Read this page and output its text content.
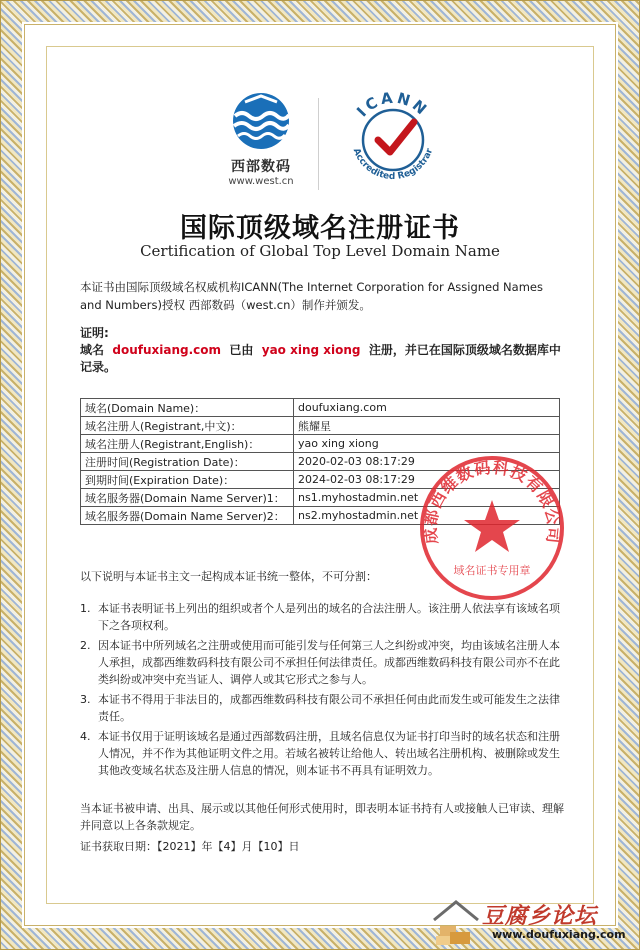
西部数码
www.west.cn
ICANN
Accredited Registrar
国际顶级域名注册证书
Certification of Global Top Level Domain Name
本证书由国际顶级域名权威机构ICANN(The Internet Corporation for Assigned Names and Numbers)授权 西部数码（west.cn）制作并颁发。
证明:
域名 doufuxiang.com 已由 yao xing xiong 注册，并已在国际顶级域名数据库中记录。
域名(Domain Name)：	doufuxiang.com
域名注册人(Registrant,中文)：	熊耀星
域名注册人(Registrant,English)：	yao xing xiong
注册时间(Registration Date)：	2020-02-03 08:17:29
到期时间(Expiration Date)：	2024-02-03 08:17:29
域名服务器(Domain Name Server)1：	ns1.myhostadmin.net
域名服务器(Domain Name Server)2：	ns2.myhostadmin.net
成都西维数码科技有限公司
域名证书专用章
以下说明与本证书主文一起构成本证书统一整体，不可分割：
1. 本证书表明证书上列出的组织或者个人是列出的域名的合法注册人。该注册人依法享有该域名项下之各项权利。
2. 因本证书中所列域名之注册或使用而可能引发与任何第三人之纠纷或冲突，均由该域名注册人本人承担，成都西维数码科技有限公司不承担任何法律责任。成都西维数码科技有限公司亦不在此类纠纷或冲突中充当证人、调停人或其它形式之参与人。
3. 本证书不得用于非法目的，成都西维数码科技有限公司不承担任何由此而发生或可能发生之法律责任。
4. 本证书仅用于证明该域名是通过西部数码注册，且域名信息仅为证书打印当时的域名状态和注册人情况，并不作为其他证明文件之用。若域名被转让给他人、转出域名注册机构、被删除或发生其他改变域名状态及注册人信息的情况，则本证书不再具有证明效力。
当本证书被申请、出具、展示或以其他任何形式使用时，即表明本证书持有人或接触人已审读、理解并同意以上各条款规定。
证书获取日期：【2021】年【4】月【10】日
豆腐乡论坛
www.doufuxiang.com
